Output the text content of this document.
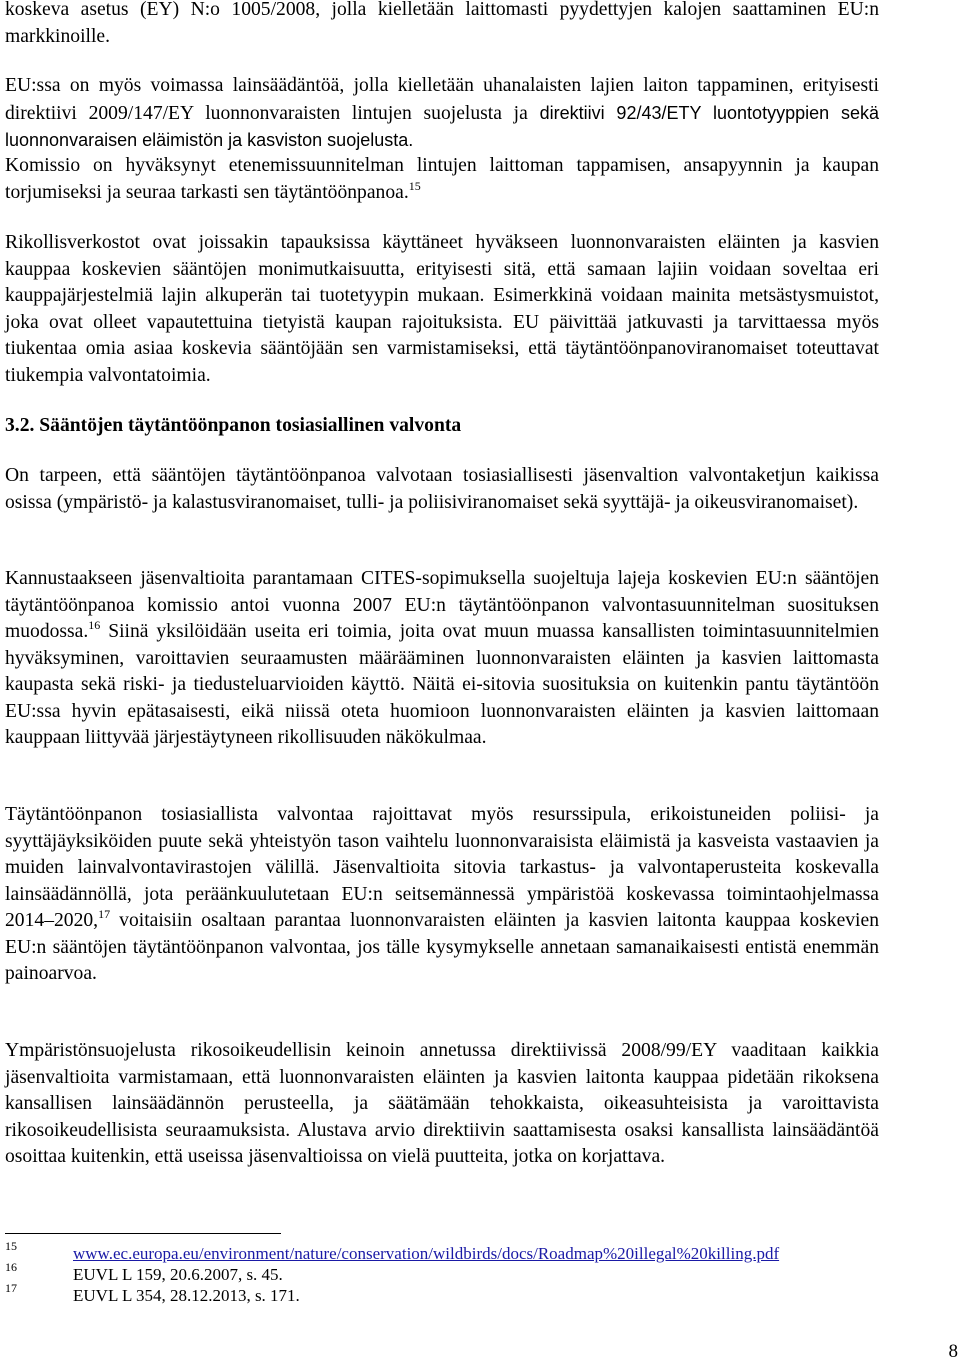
koskeva asetus (EY) N:o 1005/2008, jolla kielletään laittomasti pyydettyjen kalojen saattaminen EU:n markkinoille.

EU:ssa on myös voimassa lainsäädäntöä, jolla kielletään uhanalaisten lajien laiton tappaminen, erityisesti direktiivi 2009/147/EY luonnonvaraisten lintujen suojelusta ja direktiivi 92/43/ETY luontotyyppien sekä luonnonvaraisen eläimistön ja kasviston suojelusta.

Komissio on hyväksynyt etenemissuunnitelman lintujen laittoman tappamisen, ansapyynnin ja kaupan torjumiseksi ja seuraa tarkasti sen täytäntöönpanoa.$^{15}$

Rikollisverkostot ovat joissakin tapauksissa käyttäneet hyväkseen luonnonvaraisten eläinten ja kasvien kauppaa koskevien sääntöjen monimutkaisuutta, erityisesti sitä, että samaan lajiin voidaan soveltaa eri kauppajärjestelmiä lajin alkuperän tai tuotetyypin mukaan. Esimerkkinä voidaan mainita metsästysmuistot, joka ovat olleet vapautettuina tietyistä kaupan rajoituksista. EU päivittää jatkuvasti ja tarvittaessa myös tiukentaa omia asiaa koskevia sääntöjään sen varmistamiseksi, että täytäntöönpanoviranomaiset toteuttavat tiukempia valvontatoimia.

3.2. Sääntöjen täytäntöönpanon tosiasiallinen valvonta

On tarpeen, että sääntöjen täytäntöönpanoa valvotaan tosiasiallisesti jäsenvaltion valvontaketjun kaikissa osissa (ympäristö- ja kalastusviranomaiset, tulli- ja poliisiviranomaiset sekä syyttäjä- ja oikeusviranomaiset).

Kannustaakseen jäsenvaltioita parantamaan CITES-sopimuksella suojeltuja lajeja koskevien EU:n sääntöjen täytäntöönpanoa komissio antoi vuonna 2007 EU:n täytäntöönpanon valvontasuunnitelman suosituksen muodossa.$^{16}$ Siinä yksilöidään useita eri toimia, joita ovat muun muassa kansallisten toimintasuunnitelmien hyväksyminen, varoittavien seuraamusten määrääminen luonnonvaraisten eläinten ja kasvien laittomasta kaupasta sekä riski- ja tiedusteluarvioiden käyttö. Näitä ei-sitovia suosituksia on kuitenkin pantu täytäntöön EU:ssa hyvin epätasaisesti, eikä niissä oteta huomioon luonnonvaraisten eläinten ja kasvien laittomaan kauppaan liittyvää järjestäytyneen rikollisuuden näkökulmaa.

Täytäntöönpanon tosiasiallista valvontaa rajoittavat myös resurssipula, erikoistuneiden poliisi- ja syyttäjäyksiköiden puute sekä yhteistyön tason vaihtelu luonnonvaraisista eläimistä ja kasveista vastaavien ja muiden lainvalvontavirastojen välillä. Jäsenvaltioita sitovia tarkastus- ja valvontaperusteita koskevalla lainsäädännöllä, jota peräänkuulutetaan EU:n seitsemännessä ympäristöä koskevassa toimintaohjelmassa 2014–2020,17 voitaisiin osaltaan parantaa luonnonvaraisten eläinten ja kasvien laitonta kauppaa koskevien EU:n sääntöjen täytäntöönpanon valvontaa, jos tälle kysymykselle annetaan samanaikaisesti entistä enemmän painoarvoa.

Ympäristönsuojelusta rikosoikeudellisin keinoin annetussa direktiivissä 2008/99/EY vaaditaan kaikkia jäsenvaltioita varmistamaan, että luonnonvaraisten eläinten ja kasvien laitonta kauppaa pidetään rikoksena kansallisen lainsäädännön perusteella, ja säätämään tehokkaista, oikeasuhteisista ja varoittavista rikosoikeudellisista seuraamuksista. Alustava arvio direktiivin saattamisesta osaksi kansallista lainsäädäntöä osoittaa kuitenkin, että useissa jäsenvaltioissa on vielä puutteita, jotka on korjattava.

15	www.ec.europa.eu/environment/nature/conservation/wildbirds/docs/Roadmap%20illegal%20killing.pdf
16	EUVL L 159, 20.6.2007, s. 45.
17	EUVL L 354, 28.12.2013, s. 171.
8
